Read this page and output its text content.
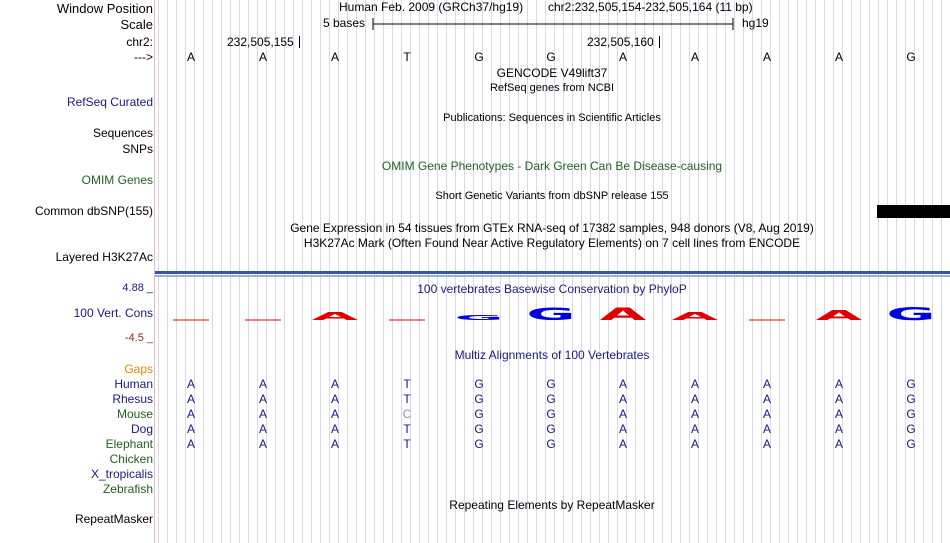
A G G A A A G
Window Position
Scale
chr2:
--->
Human Feb. 2009 (GRCh37/hg19) chr2:232,505,154-232,505,164 (11 bp)
5 bases	hg19
232,505,155	232,505,160
A	A	A	T	G	G	A	A	A	A	G
GENCODE V49lift37
RefSeq genes from NCBI
RefSeq Curated
Publications: Sequences in Scientific Articles
Sequences
SNPs
OMIM Gene Phenotypes - Dark Green Can Be Disease-causing
OMIM Genes
Short Genetic Variants from dbSNP release 155
Common dbSNP(155)
Gene Expression in 54 tissues from GTEx RNA-seq of 17382 samples, 948 donors (V8, Aug 2019)
H3K27Ac Mark (Often Found Near Active Regulatory Elements) on 7 cell lines from ENCODE
Layered H3K27Ac
100 vertebrates Basewise Conservation by PhyloP
100 Vert. Cons
4.88 _
-4.5 _
Multiz Alignments of 100 Vertebrates
Gaps
Human	A	A	A	T	G	G	A	A	A	A	G
Rhesus	A	A	A	T	G	G	A	A	A	A	G
Mouse	A	A	A	C	G	G	A	A	A	A	G
Dog	A	A	A	T	G	G	A	A	A	A	G
Elephant	A	A	A	T	G	G	A	A	A	A	G
Chicken
X_tropicalis
Zebrafish
Repeating Elements by RepeatMasker
RepeatMasker
